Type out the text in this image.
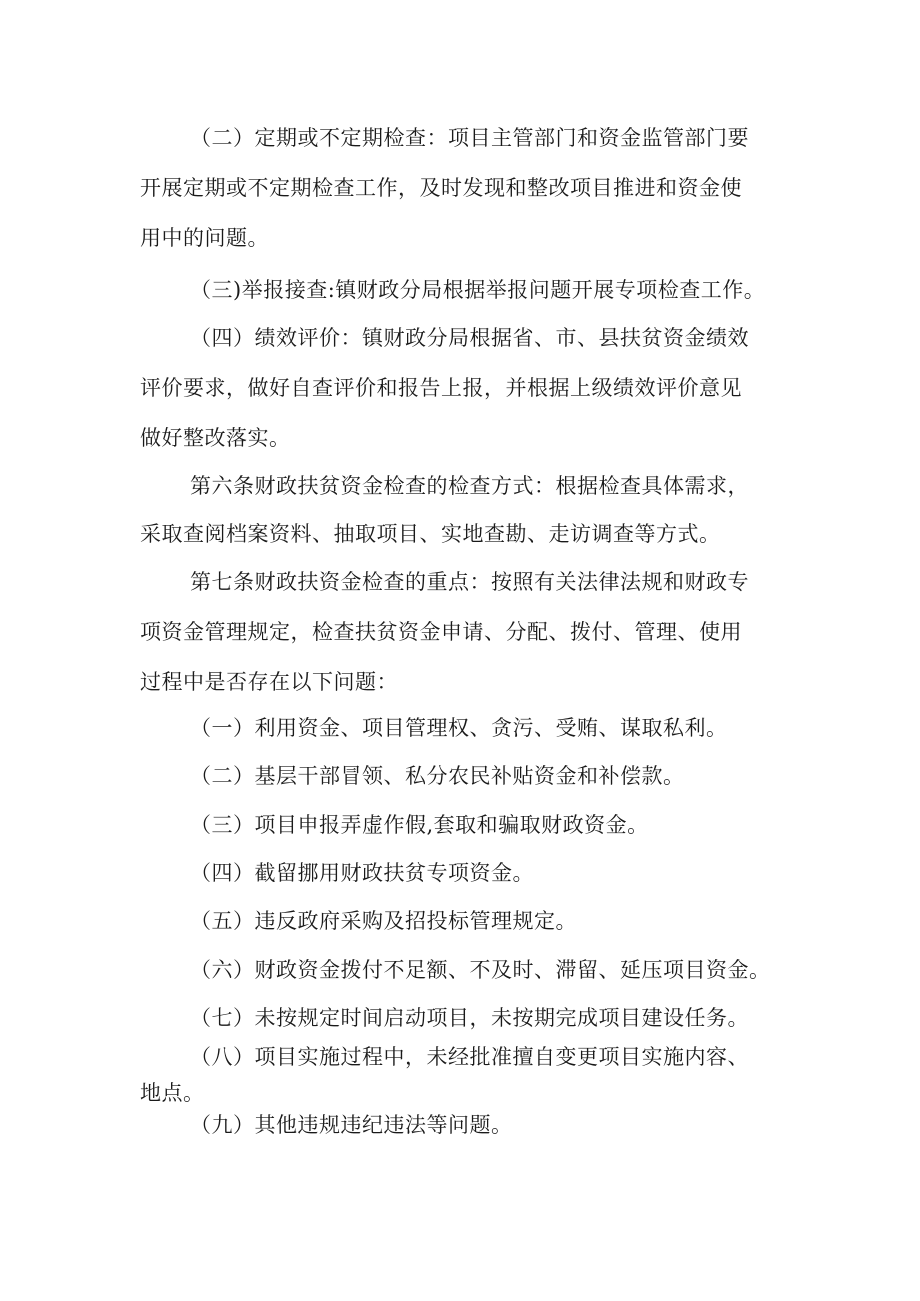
（二）定期或不定期检查：项目主管部门和资金监管部门要
开展定期或不定期检查工作，及时发现和整改项目推进和资金使
用中的问题。
（三)举报接查:镇财政分局根据举报问题开展专项检查工作。
（四）绩效评价：镇财政分局根据省、市、县扶贫资金绩效
评价要求，做好自查评价和报告上报，并根据上级绩效评价意见
做好整改落实。
第六条财政扶贫资金检查的检查方式：根据检查具体需求，
采取查阅档案资料、抽取项目、实地查勘、走访调查等方式。
第七条财政扶资金检查的重点：按照有关法律法规和财政专
项资金管理规定，检查扶贫资金申请、分配、拨付、管理、使用
过程中是否存在以下问题：
（一）利用资金、项目管理权、贪污、受贿、谋取私利。
（二）基层干部冒领、私分农民补贴资金和补偿款。
（三）项目申报弄虚作假,套取和骗取财政资金。
（四）截留挪用财政扶贫专项资金。
（五）违反政府采购及招投标管理规定。
（六）财政资金拨付不足额、不及时、滞留、延压项目资金。
（七）未按规定时间启动项目，未按期完成项目建设任务。
（八）项目实施过程中，未经批准擅自变更项目实施内容、
地点。
（九）其他违规违纪违法等问题。
